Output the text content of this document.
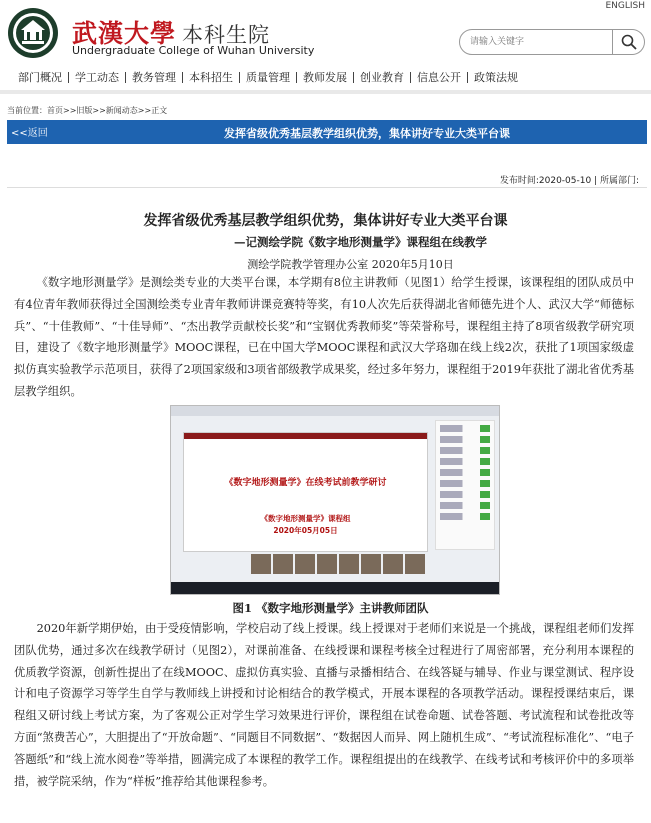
ENGLISH
武漢大學 本科生院
Undergraduate College of Wuhan University
请输入关键字
部门概况	学工动态	教务管理	本科招生	质量管理	教师发展	创业教育	信息公开	政策法规
当前位置：首页>>旧版>>新闻动态>>正文
<<返回	发挥省级优秀基层教学组织优势，集体讲好专业大类平台课
发布时间:2020-05-10 | 所属部门:
发挥省级优秀基层教学组织优势，集体讲好专业大类平台课
—记测绘学院《数字地形测量学》课程组在线教学
测绘学院教学管理办公室 2020年5月10日
《数字地形测量学》是测绘类专业的大类平台课，本学期有8位主讲教师（见图1）给学生授课，该课程组的团队成员中有4位青年教师获得过全国测绘类专业青年教师讲课竞赛特等奖，有10人次先后获得湖北省师德先进个人、武汉大学“师德标兵”、“十佳教师”、“十佳导师”、“杰出教学贡献校长奖”和“宝钢优秀教师奖”等荣誉称号，课程组主持了8项省级教学研究项目，建设了《数字地形测量学》MOOC课程，已在中国大学MOOC课程和武汉大学珞珈在线上线2次，获批了1项国家级虚拟仿真实验教学示范项目，获得了2项国家级和3项省部级教学成果奖，经过多年努力，课程组于2019年获批了湖北省优秀基层教学组织。
《数字地形测量学》在线考试前教学研讨
《数字地形测量学》课程组
2020年05月05日
图1 《数字地形测量学》主讲教师团队
2020年新学期伊始，由于受疫情影响，学校启动了线上授课。线上授课对于老师们来说是一个挑战，课程组老师们发挥团队优势，通过多次在线教学研讨（见图2），对课前准备、在线授课和课程考核全过程进行了周密部署，充分利用本课程的优质教学资源，创新性提出了在线MOOC、虚拟仿真实验、直播与录播相结合、在线答疑与辅导、作业与课堂测试、程序设计和电子资源学习等学生自学与教师线上讲授和讨论相结合的教学模式，开展本课程的各项教学活动。课程授课结束后，课程组又研讨线上考试方案，为了客观公正对学生学习效果进行评价，课程组在试卷命题、试卷答题、考试流程和试卷批改等方面“煞费苦心”，大胆提出了“开放命题”、“同题目不同数据”、“数据因人而异、网上随机生成”、“考试流程标准化”、“电子答题纸”和“线上流水阅卷”等举措，圆满完成了本课程的教学工作。课程组提出的在线教学、在线考试和考核评价中的多项举措，被学院采纳，作为“样板”推荐给其他课程参考。
